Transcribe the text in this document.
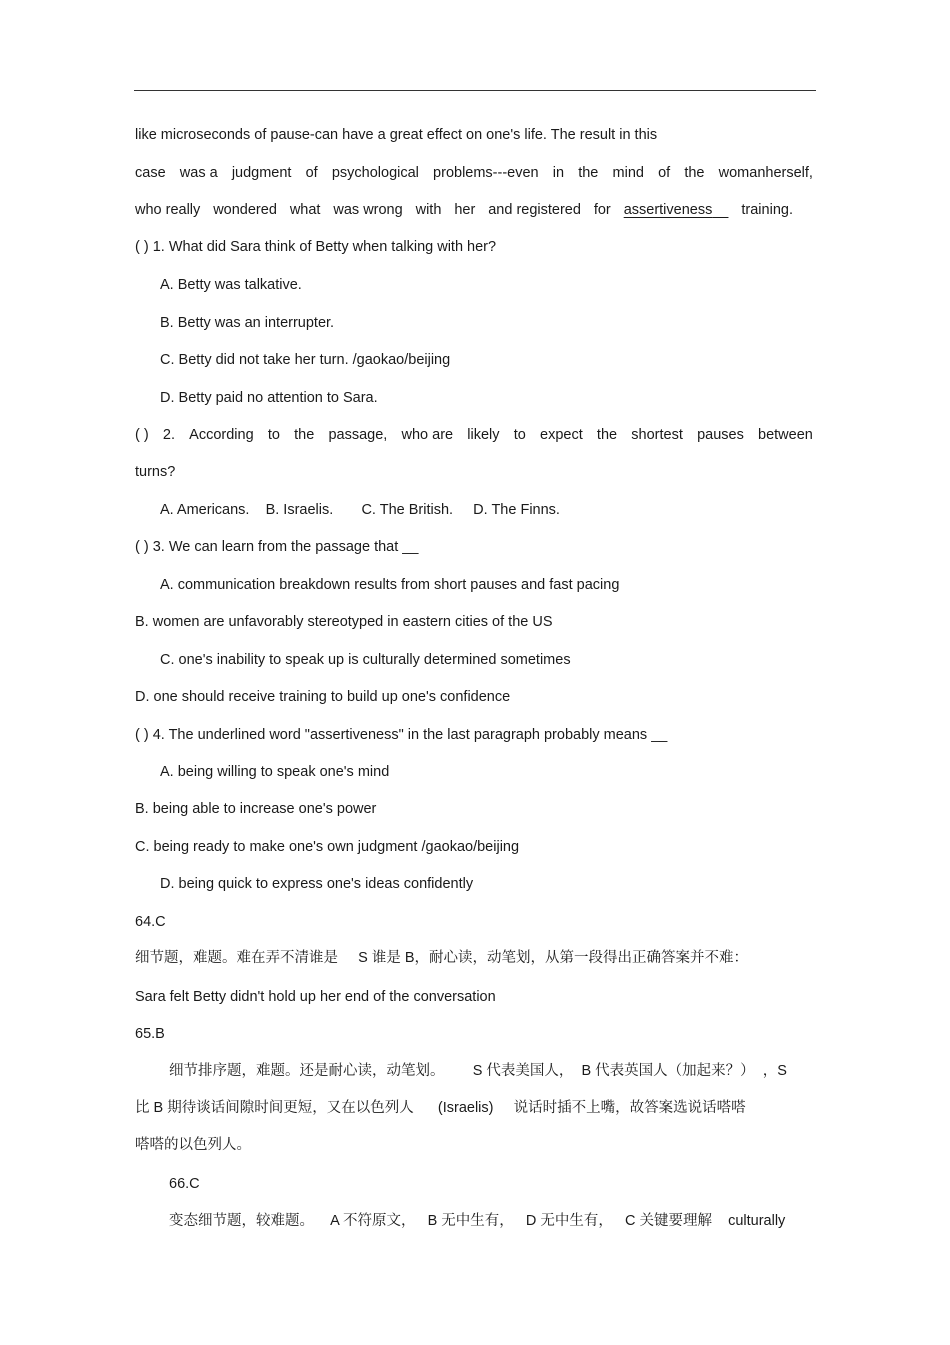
like microseconds of pause-can have a great effect on one's life. The result in this
case was a judgment of psychological problems---even in the mind of the womanherself,
who really wondered what was wrong with her and registered for assertiveness	training.
( ) 1. What did Sara think of Betty when talking with her?
A. Betty was talkative.
B. Betty was an interrupter.
C. Betty did not take her turn. /gaokao/beijing
D. Betty paid no attention to Sara.
( ) 2. According to the passage, who are likely to expect the shortest pauses between
turns?
A. Americans.    B. Israelis.       C. The British.     D. The Finns.
( ) 3. We can learn from the passage that __
A. communication breakdown results from short pauses and fast pacing
B. women are unfavorably stereotyped in eastern cities of the US
C. one's inability to speak up is culturally determined sometimes
D. one should receive training to build up one's confidence
( ) 4. The underlined word "assertiveness" in the last paragraph probably means __
A. being willing to speak one's mind
B. being able to increase one's power
C. being ready to make one's own judgment /gaokao/beijing
D. being quick to express one's ideas confidently
64.C
细节题，难题。难在弄不清谁是     S 谁是 B，耐心读，动笔划，从第一段得出正确答案并不难：
Sara felt Betty didn't hold up her end of the conversation
65.B
细节排序题，难题。还是耐心读，动笔划。       S 代表美国人，  B 代表英国人（加起来？）  ，S
比 B 期待谈话间隙时间更短，又在以色列人      (Israelis)     说话时插不上嘴，故答案选说话嗒嗒
嗒嗒的以色列人。
66.C
变态细节题，较难题。    A 不符原文，   B 无中生有，   D 无中生有，   C 关键要理解    culturally
